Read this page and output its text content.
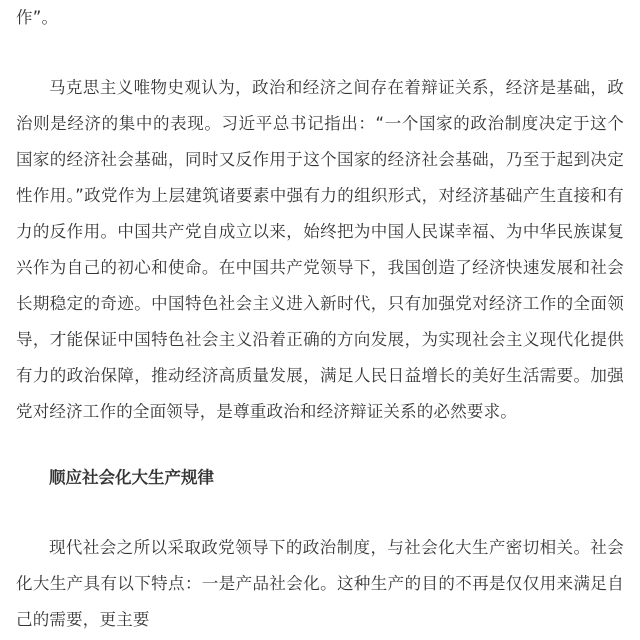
作”。

马克思主义唯物史观认为，政治和经济之间存在着辩证关系，经济是基础，政治则是经济的集中的表现。习近平总书记指出：“一个国家的政治制度决定于这个国家的经济社会基础，同时又反作用于这个国家的经济社会基础，乃至于起到决定性作用。”政党作为上层建筑诸要素中强有力的组织形式，对经济基础产生直接和有力的反作用。中国共产党自成立以来，始终把为中国人民谋幸福、为中华民族谋复兴作为自己的初心和使命。在中国共产党领导下，我国创造了经济快速发展和社会长期稳定的奇迹。中国特色社会主义进入新时代，只有加强党对经济工作的全面领导，才能保证中国特色社会主义沿着正确的方向发展，为实现社会主义现代化提供有力的政治保障，推动经济高质量发展，满足人民日益增长的美好生活需要。加强党对经济工作的全面领导，是尊重政治和经济辩证关系的必然要求。

顺应社会化大生产规律

现代社会之所以采取政党领导下的政治制度，与社会化大生产密切相关。社会化大生产具有以下特点：一是产品社会化。这种生产的目的不再是仅仅用来满足自己的需要，更主要
